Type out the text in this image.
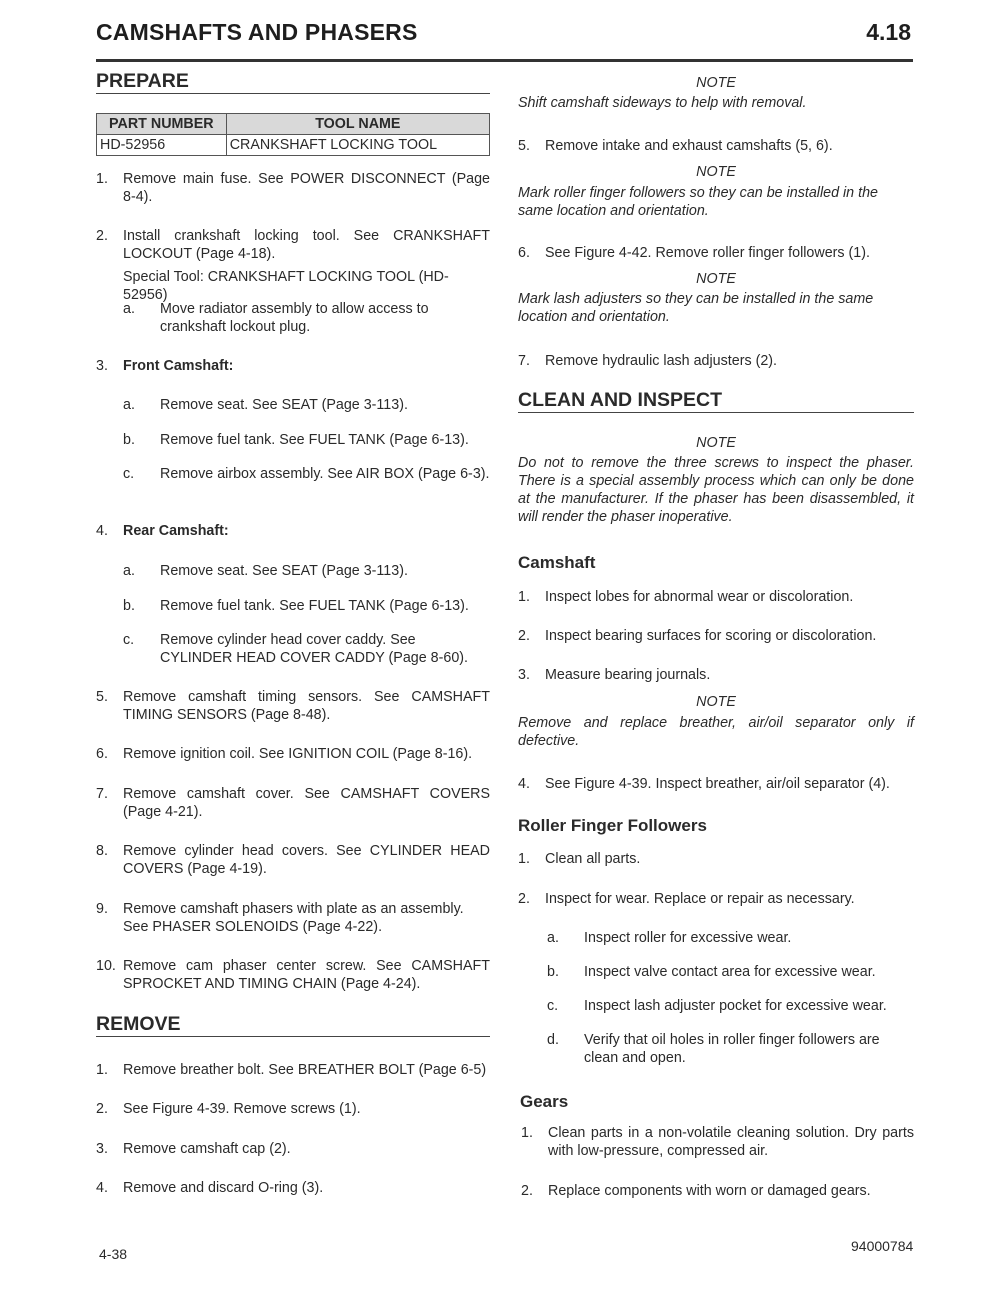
CAMSHAFTS AND PHASERS	4.18
PREPARE
PART NUMBER	TOOL NAME
HD-52956	CRANKSHAFT LOCKING TOOL
1.	Remove main fuse. See POWER DISCONNECT (Page 8-4).
2.	Install crankshaft locking tool. See CRANKSHAFT LOCKOUT (Page 4-18).
Special Tool: CRANKSHAFT LOCKING TOOL (HD-52956)
a.	Move radiator assembly to allow access to crankshaft lockout plug.
3.	Front Camshaft:
a.	Remove seat. See SEAT (Page 3-113).
b.	Remove fuel tank. See FUEL TANK (Page 6-13).
c.	Remove airbox assembly. See AIR BOX (Page 6-3).
4.	Rear Camshaft:
a.	Remove seat. See SEAT (Page 3-113).
b.	Remove fuel tank. See FUEL TANK (Page 6-13).
c.	Remove cylinder head cover caddy. See CYLINDER HEAD COVER CADDY (Page 8-60).
5.	Remove camshaft timing sensors. See CAMSHAFT TIMING SENSORS (Page 8-48).
6.	Remove ignition coil. See IGNITION COIL (Page 8-16).
7.	Remove camshaft cover. See CAMSHAFT COVERS (Page 4-21).
8.	Remove cylinder head covers. See CYLINDER HEAD COVERS (Page 4-19).
9.	Remove camshaft phasers with plate as an assembly. See PHASER SOLENOIDS (Page 4-22).
10. Remove cam phaser center screw. See CAMSHAFT SPROCKET AND TIMING CHAIN (Page 4-24).
REMOVE
1.	Remove breather bolt. See BREATHER BOLT (Page 6-5)
2.	See Figure 4-39. Remove screws (1).
3.	Remove camshaft cap (2).
4.	Remove and discard O-ring (3).
NOTE
Shift camshaft sideways to help with removal.
5.	Remove intake and exhaust camshafts (5, 6).
NOTE
Mark roller finger followers so they can be installed in the same location and orientation.
6.	See Figure 4-42. Remove roller finger followers (1).
NOTE
Mark lash adjusters so they can be installed in the same location and orientation.
7.	Remove hydraulic lash adjusters (2).
CLEAN AND INSPECT
NOTE
Do not to remove the three screws to inspect the phaser. There is a special assembly process which can only be done at the manufacturer. If the phaser has been disassembled, it will render the phaser inoperative.
Camshaft
1.	Inspect lobes for abnormal wear or discoloration.
2.	Inspect bearing surfaces for scoring or discoloration.
3.	Measure bearing journals.
NOTE
Remove and replace breather, air/oil separator only if defective.
4.	See Figure 4-39. Inspect breather, air/oil separator (4).
Roller Finger Followers
1.	Clean all parts.
2.	Inspect for wear. Replace or repair as necessary.
a.	Inspect roller for excessive wear.
b.	Inspect valve contact area for excessive wear.
c.	Inspect lash adjuster pocket for excessive wear.
d.	Verify that oil holes in roller finger followers are clean and open.
Gears
1.	Clean parts in a non-volatile cleaning solution. Dry parts with low-pressure, compressed air.
2.	Replace components with worn or damaged gears.
4-38	94000784
